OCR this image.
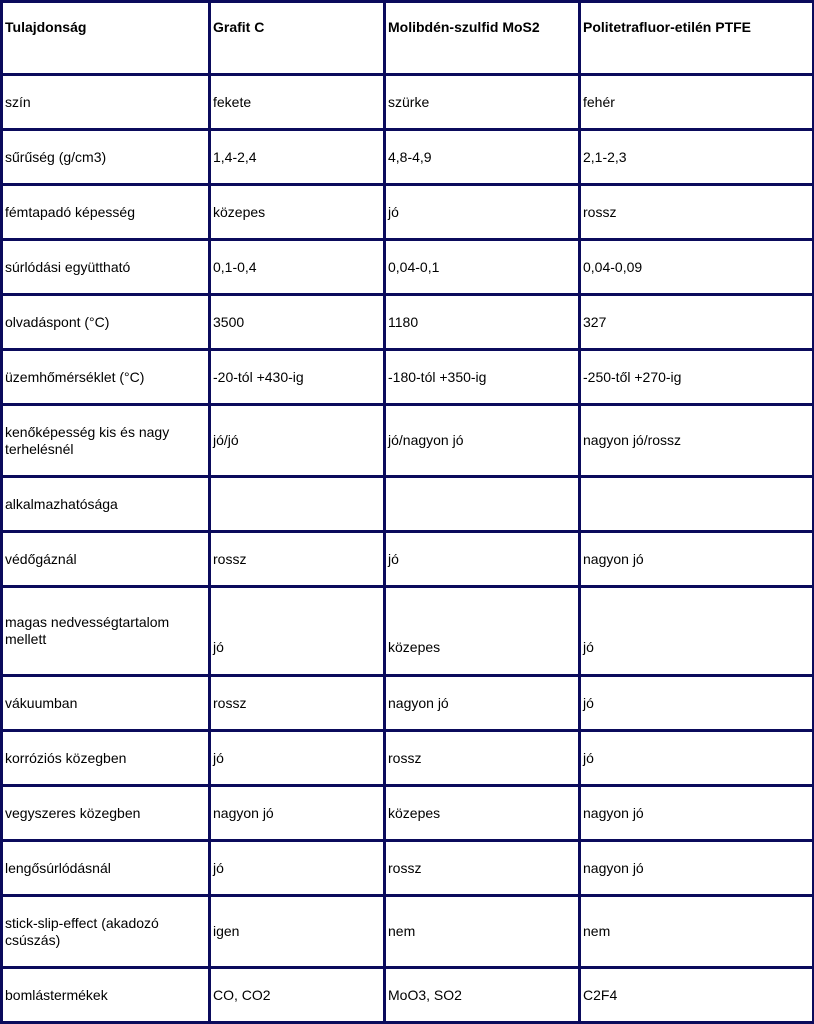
Tulajdonság	Grafit C	Molibdén-szulfid MoS2	Politetrafluor-etilén PTFE
szín	fekete	szürke	fehér
sűrűség (g/cm3)	1,4-2,4	4,8-4,9	2,1-2,3
fémtapadó képesség	közepes	jó	rossz
súrlódási együttható	0,1-0,4	0,04-0,1	0,04-0,09
olvadáspont (°C)	3500	1180	327
üzemhőmérséklet (°C)	-20-tól +430-ig	-180-tól +350-ig	-250-től +270-ig
kenőképesség kis és nagy terhelésnél	jó/jó	jó/nagyon jó	nagyon jó/rossz
alkalmazhatósága			
védőgáznál	rossz	jó	nagyon jó
magas nedvességtartalom mellett	jó	közepes	jó

vákuumban	rossz	nagyon jó	jó
korróziós közegben	jó	rossz	jó
vegyszeres közegben	nagyon jó	közepes	nagyon jó
lengősúrlódásnál	jó	rossz	nagyon jó
stick-slip-effect (akadozó csúszás)	igen	nem	nem
bomlástermékek	CO, CO2	MoO3, SO2	C2F4
